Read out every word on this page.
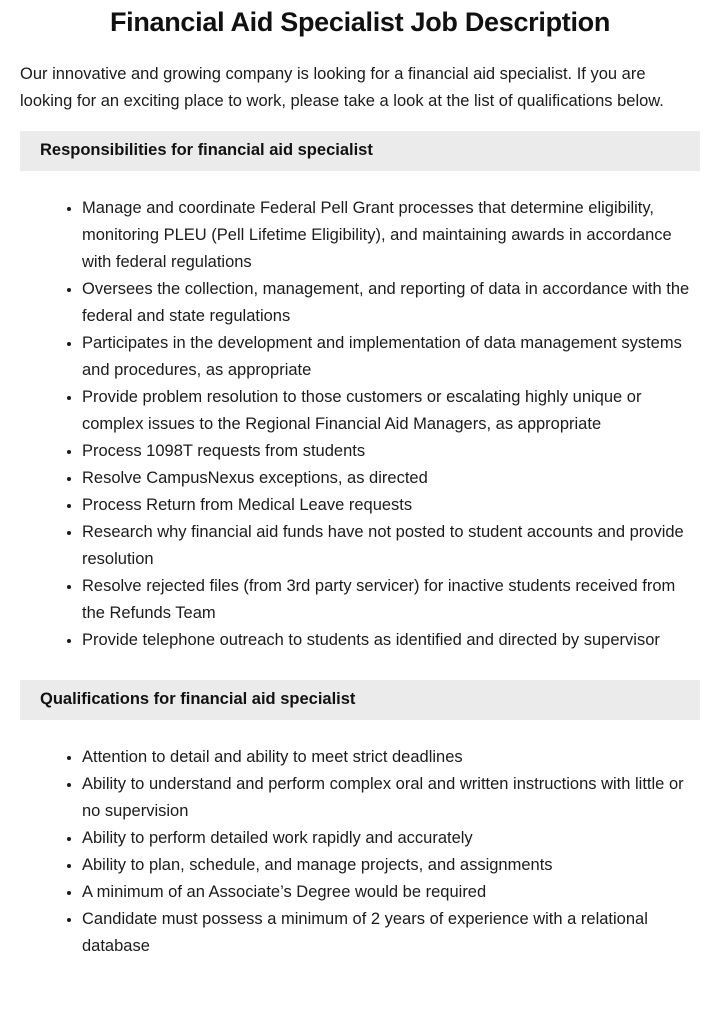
Financial Aid Specialist Job Description

Our innovative and growing company is looking for a financial aid specialist. If you are looking for an exciting place to work, please take a look at the list of qualifications below.

Responsibilities for financial aid specialist
• Manage and coordinate Federal Pell Grant processes that determine eligibility, monitoring PLEU (Pell Lifetime Eligibility), and maintaining awards in accordance with federal regulations
• Oversees the collection, management, and reporting of data in accordance with the federal and state regulations
• Participates in the development and implementation of data management systems and procedures, as appropriate
• Provide problem resolution to those customers or escalating highly unique or complex issues to the Regional Financial Aid Managers, as appropriate
• Process 1098T requests from students
• Resolve CampusNexus exceptions, as directed
• Process Return from Medical Leave requests
• Research why financial aid funds have not posted to student accounts and provide resolution
• Resolve rejected files (from 3rd party servicer) for inactive students received from the Refunds Team
• Provide telephone outreach to students as identified and directed by supervisor
Qualifications for financial aid specialist
• Attention to detail and ability to meet strict deadlines
• Ability to understand and perform complex oral and written instructions with little or no supervision
• Ability to perform detailed work rapidly and accurately
• Ability to plan, schedule, and manage projects, and assignments
• A minimum of an Associate’s Degree would be required
• Candidate must possess a minimum of 2 years of experience with a relational database
